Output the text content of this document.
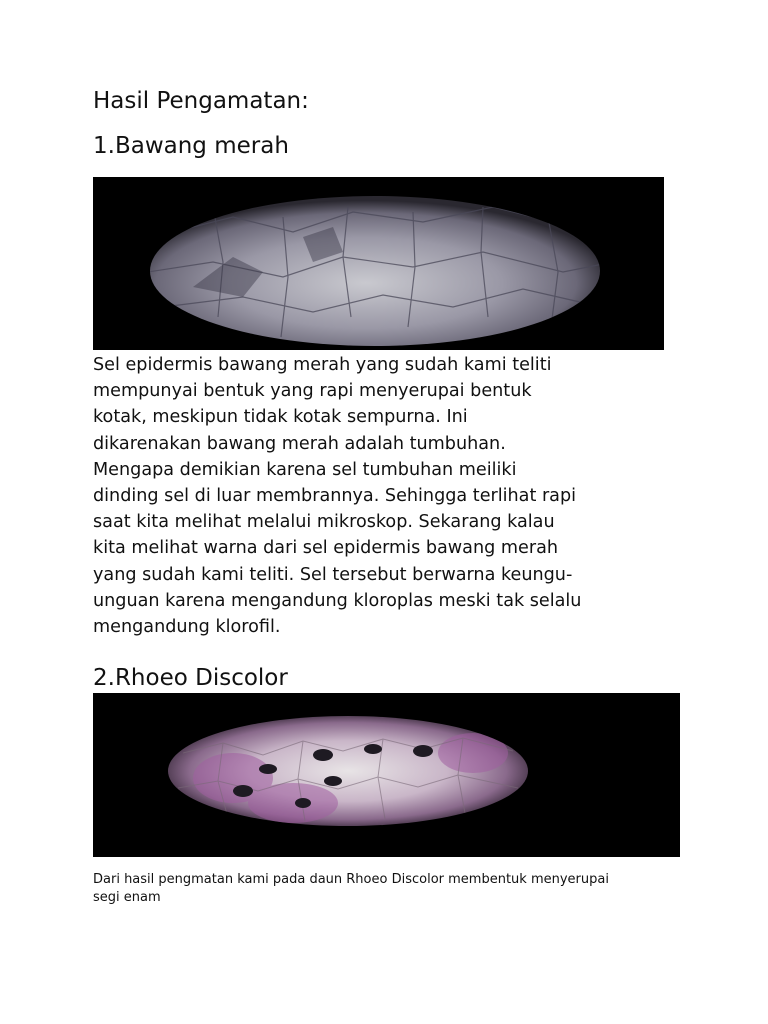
Hasil Pengamatan:
1.Bawang merah

Sel epidermis bawang merah yang sudah kami teliti
mempunyai bentuk yang rapi menyerupai bentuk
kotak, meskipun tidak kotak sempurna. Ini
dikarenakan bawang merah adalah tumbuhan.
Mengapa demikian karena sel tumbuhan meiliki
dinding sel di luar membrannya. Sehingga terlihat rapi
saat kita melihat melalui mikroskop. Sekarang kalau
kita melihat warna dari sel epidermis bawang merah
yang sudah kami teliti. Sel tersebut berwarna keungu-
unguan karena mengandung kloroplas meski tak selalu
mengandung klorofil.

2.Rhoeo Discolor

Dari hasil pengmatan kami pada daun Rhoeo Discolor membentuk menyerupai
segi enam
